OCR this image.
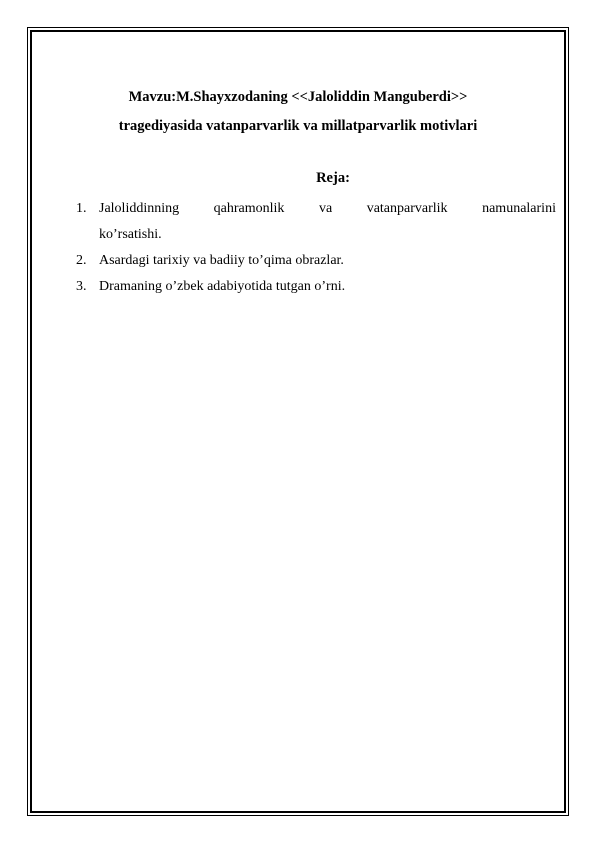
Mavzu:M.Shayxzodaning <<Jaloliddin Manguberdi>>
tragediyasida vatanparvarlik va millatparvarlik motivlari
Reja:
1. Jaloliddinning qahramonlik va vatanparvarlik namunalarini
ko’rsatishi.
2. Asardagi tarixiy va badiiy to’qima obrazlar.
3. Dramaning o’zbek adabiyotida tutgan o’rni.
